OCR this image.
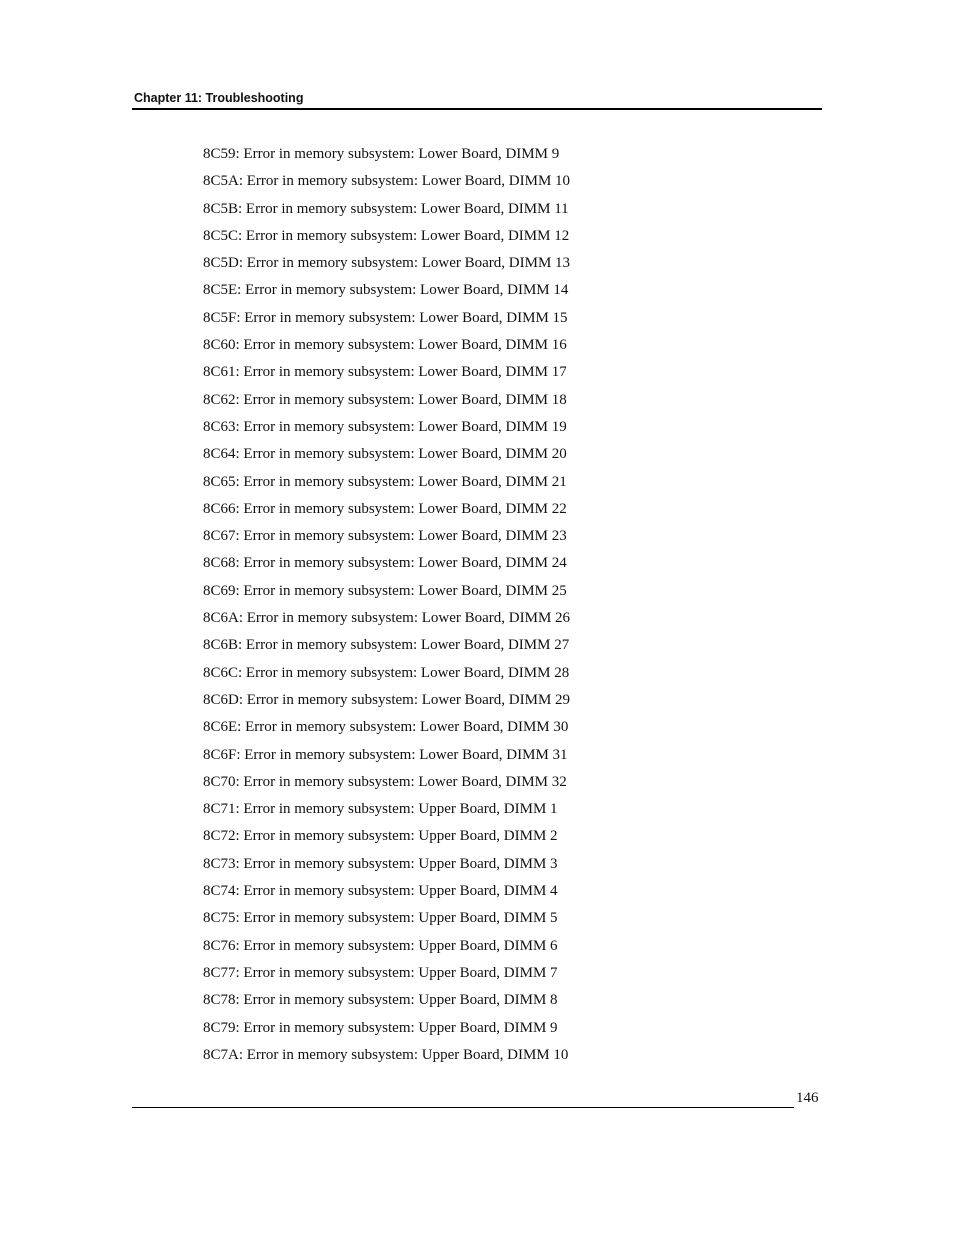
Chapter 11: Troubleshooting
8C59: Error in memory subsystem: Lower Board, DIMM 9
8C5A: Error in memory subsystem: Lower Board, DIMM 10
8C5B: Error in memory subsystem: Lower Board, DIMM 11
8C5C: Error in memory subsystem: Lower Board, DIMM 12
8C5D: Error in memory subsystem: Lower Board, DIMM 13
8C5E: Error in memory subsystem: Lower Board, DIMM 14
8C5F: Error in memory subsystem: Lower Board, DIMM 15
8C60: Error in memory subsystem: Lower Board, DIMM 16
8C61: Error in memory subsystem: Lower Board, DIMM 17
8C62: Error in memory subsystem: Lower Board, DIMM 18
8C63: Error in memory subsystem: Lower Board, DIMM 19
8C64: Error in memory subsystem: Lower Board, DIMM 20
8C65: Error in memory subsystem: Lower Board, DIMM 21
8C66: Error in memory subsystem: Lower Board, DIMM 22
8C67: Error in memory subsystem: Lower Board, DIMM 23
8C68: Error in memory subsystem: Lower Board, DIMM 24
8C69: Error in memory subsystem: Lower Board, DIMM 25
8C6A: Error in memory subsystem: Lower Board, DIMM 26
8C6B: Error in memory subsystem: Lower Board, DIMM 27
8C6C: Error in memory subsystem: Lower Board, DIMM 28
8C6D: Error in memory subsystem: Lower Board, DIMM 29
8C6E: Error in memory subsystem: Lower Board, DIMM 30
8C6F: Error in memory subsystem: Lower Board, DIMM 31
8C70: Error in memory subsystem: Lower Board, DIMM 32
8C71: Error in memory subsystem: Upper Board, DIMM 1
8C72: Error in memory subsystem: Upper Board, DIMM 2
8C73: Error in memory subsystem: Upper Board, DIMM 3
8C74: Error in memory subsystem: Upper Board, DIMM 4
8C75: Error in memory subsystem: Upper Board, DIMM 5
8C76: Error in memory subsystem: Upper Board, DIMM 6
8C77: Error in memory subsystem: Upper Board, DIMM 7
8C78: Error in memory subsystem: Upper Board, DIMM 8
8C79: Error in memory subsystem: Upper Board, DIMM 9
8C7A: Error in memory subsystem: Upper Board, DIMM 10
146
